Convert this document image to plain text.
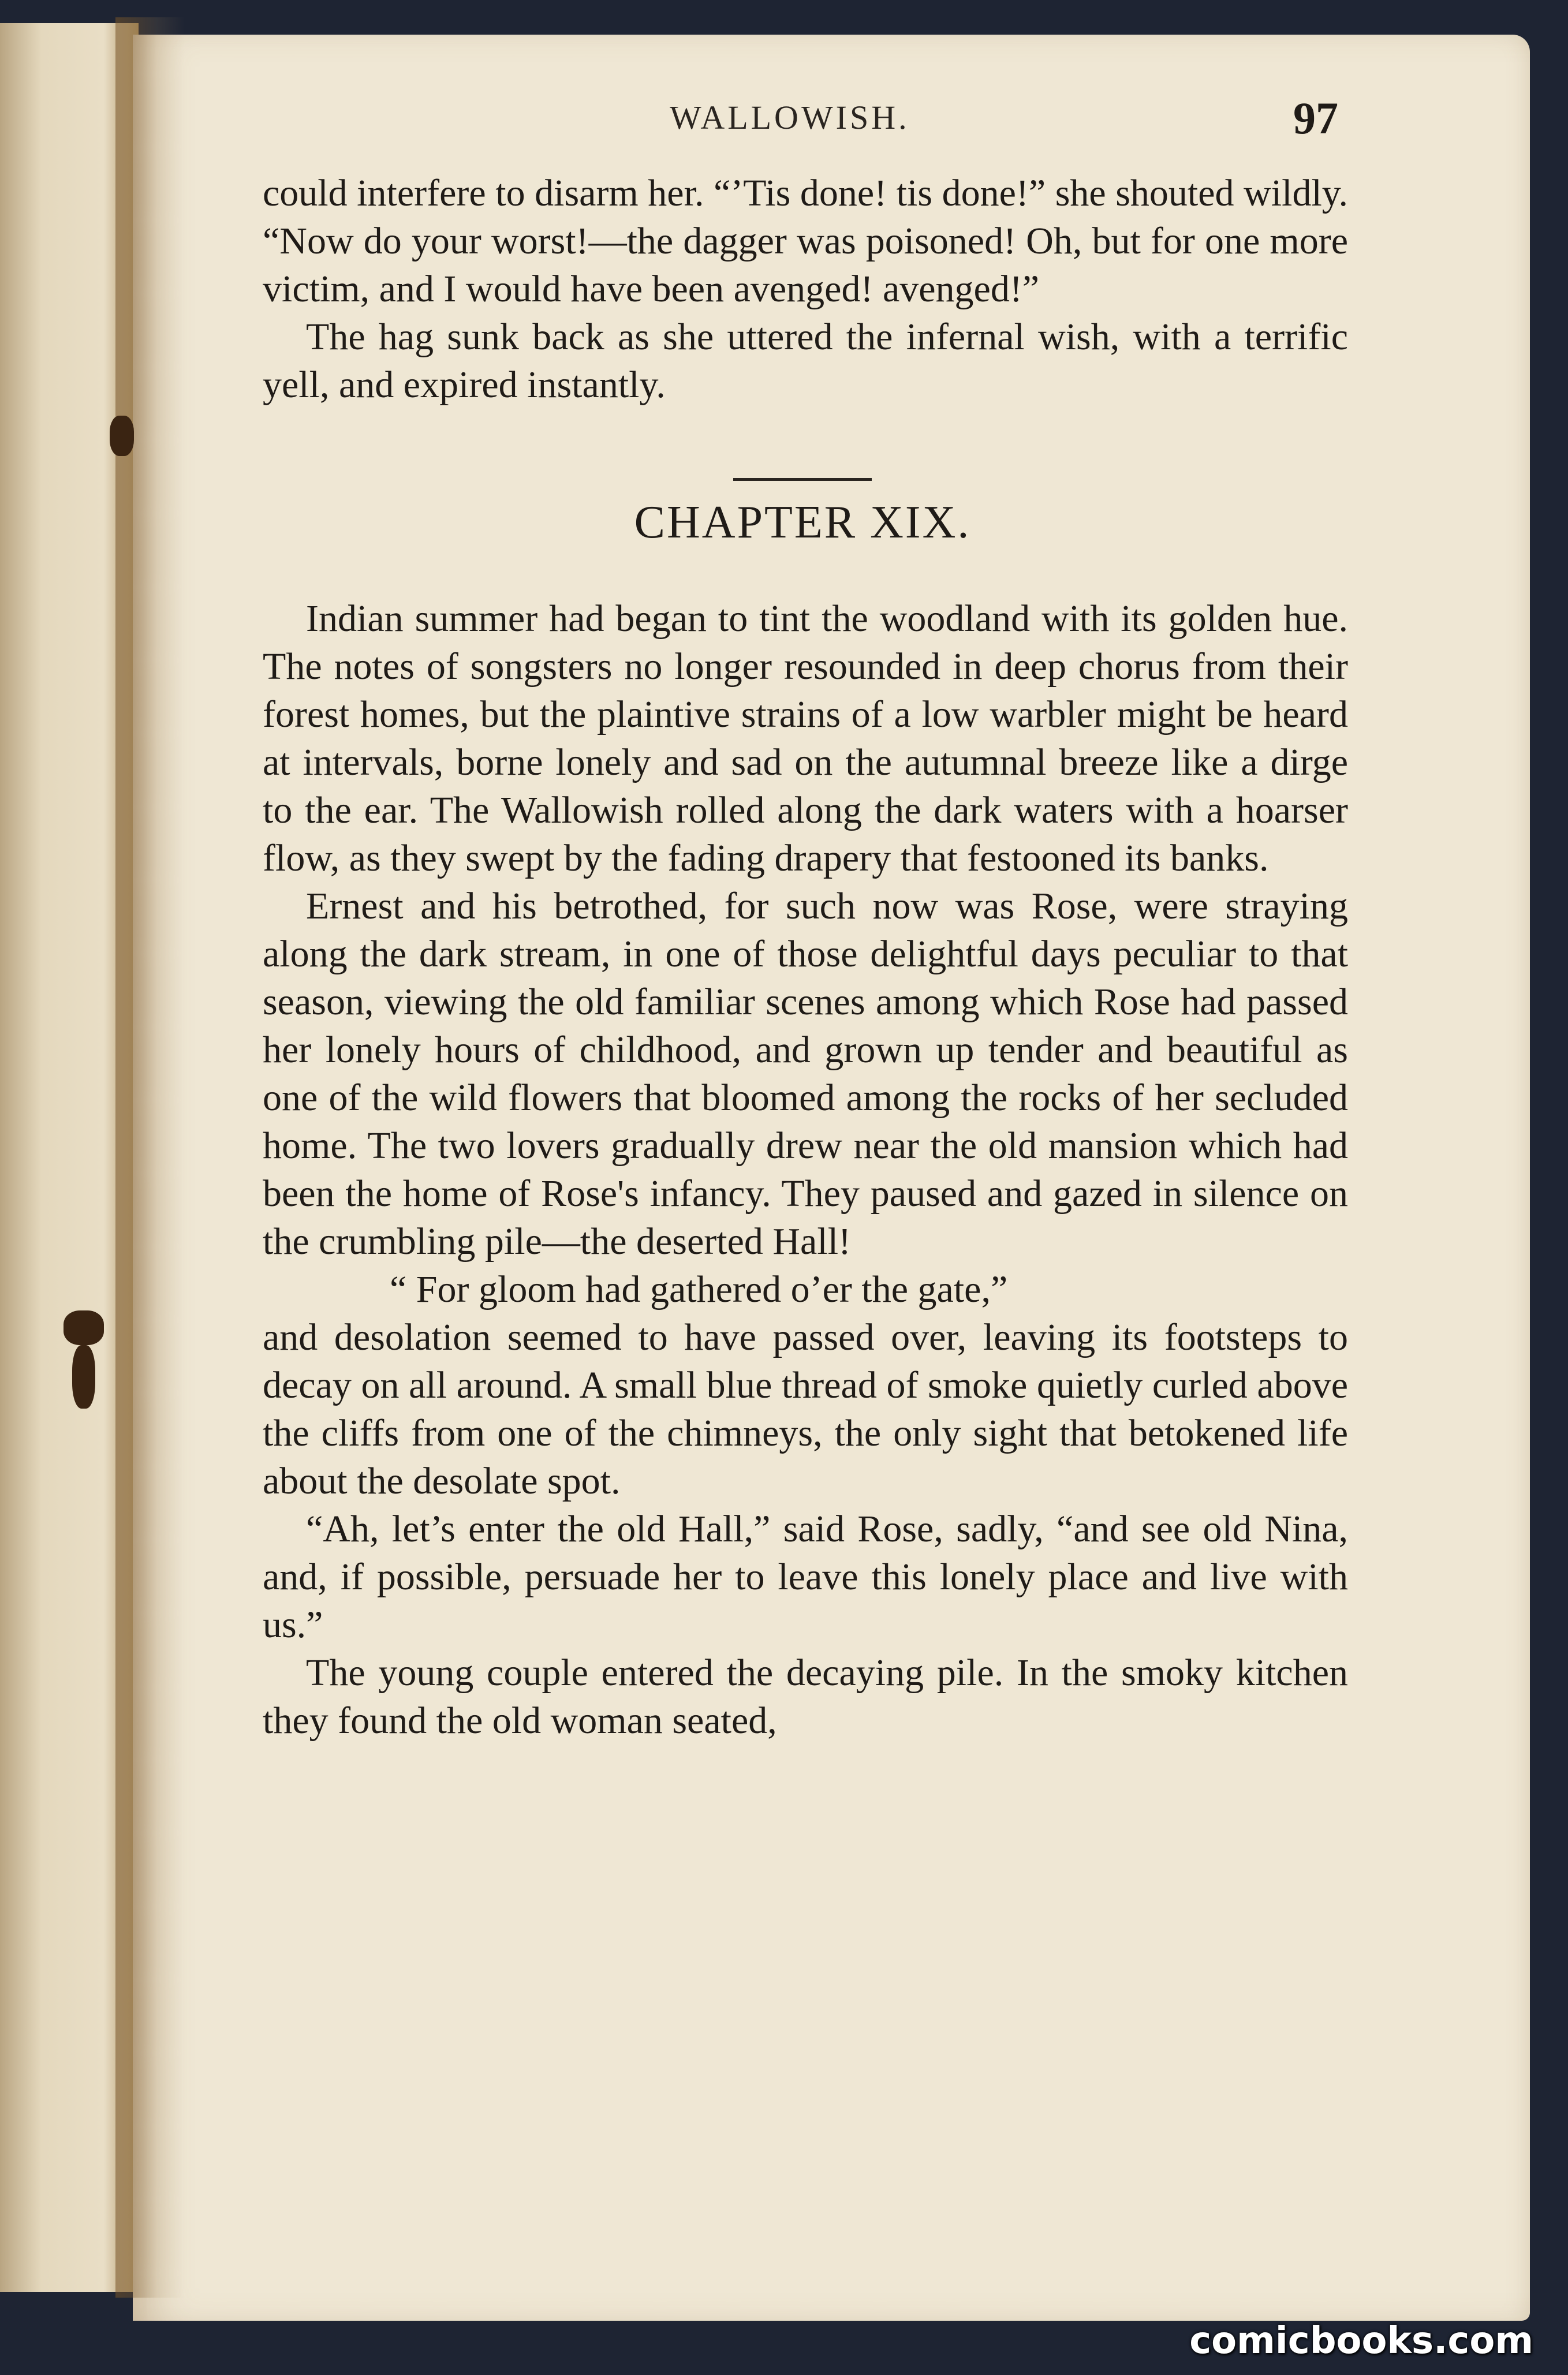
WALLOWISH.	97

could interfere to disarm her. “’Tis done! tis done!” she shouted wildly. “Now do your worst!—the dagger was poisoned! Oh, but for one more victim, and I would have been avenged! avenged!”

The hag sunk back as she uttered the infernal wish, with a terrific yell, and expired instantly.

CHAPTER XIX.

Indian summer had began to tint the woodland with its golden hue. The notes of songsters no longer resounded in deep chorus from their forest homes, but the plaintive strains of a low warbler might be heard at intervals, borne lonely and sad on the autumnal breeze like a dirge to the ear. The Wallowish rolled along the dark waters with a hoarser flow, as they swept by the fading drapery that festooned its banks.

Ernest and his betrothed, for such now was Rose, were straying along the dark stream, in one of those delightful days peculiar to that season, viewing the old familiar scenes among which Rose had passed her lonely hours of childhood, and grown up tender and beautiful as one of the wild flowers that bloomed among the rocks of her secluded home. The two lovers gradually drew near the old mansion which had been the home of Rose's infancy. They paused and gazed in silence on the crumbling pile—the deserted Hall!

“ For gloom had gathered o’er the gate,”

and desolation seemed to have passed over, leaving its footsteps to decay on all around. A small blue thread of smoke quietly curled above the cliffs from one of the chimneys, the only sight that betokened life about the desolate spot.

“Ah, let’s enter the old Hall,” said Rose, sadly, “and see old Nina, and, if possible, persuade her to leave this lonely place and live with us.”

The young couple entered the decaying pile. In the smoky kitchen they found the old woman seated,

comicbooks.com
